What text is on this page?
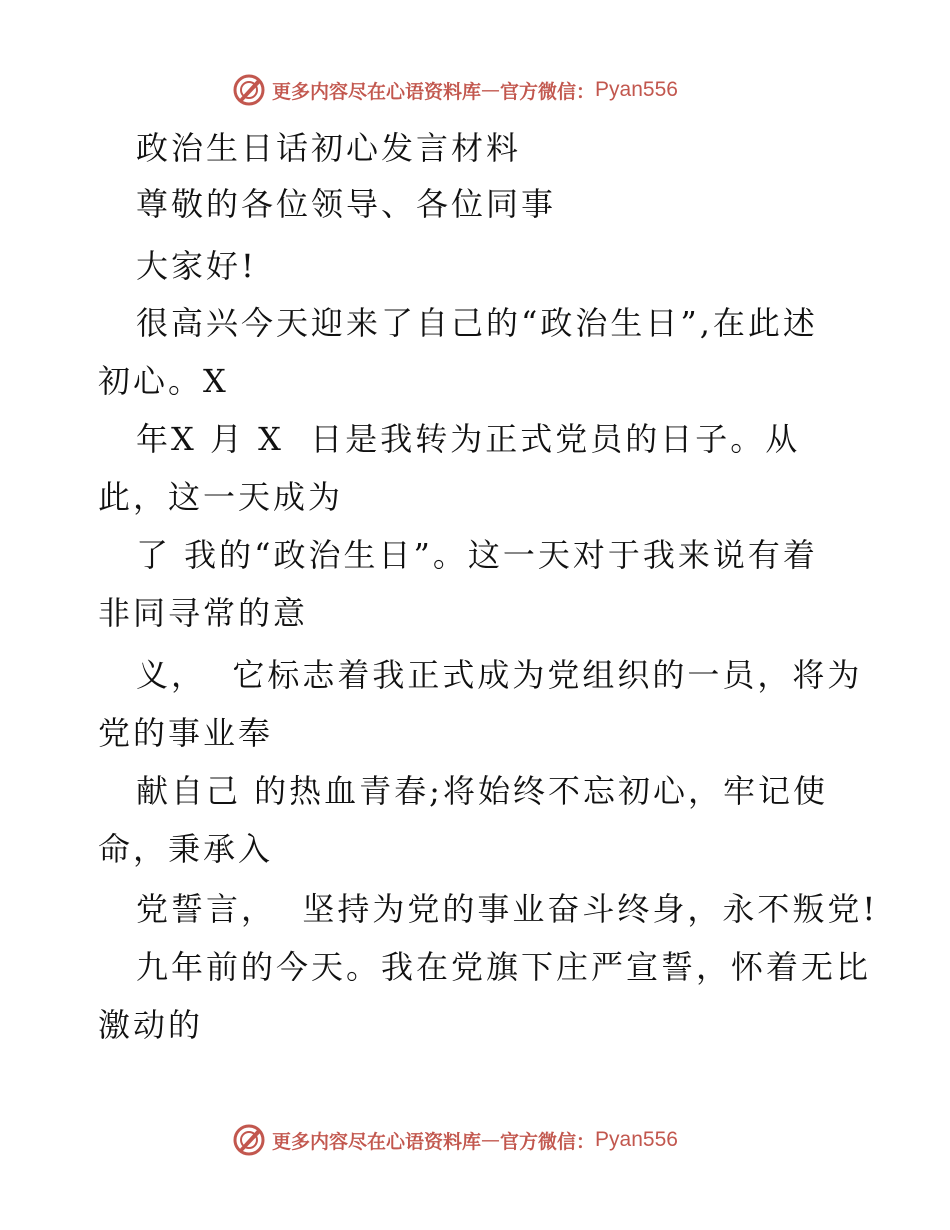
更多内容尽在心语资料库 — 官方微信： Pyan556
政治生日话初心发言材料
尊敬的各位领导、各位同事
大家好!
很高兴今天迎来了自己的“政治生日”,在此述
初心。X
年X 月 X  日是我转为正式党员的日子。从
此，这一天成为
了 我的“政治生日”。这一天对于我来说有着
非同寻常的意
义，  它标志着我正式成为党组织的一员，将为
党的事业奉
献自己 的热血青春;将始终不忘初心，牢记使
命，秉承入
党誓言，  坚持为党的事业奋斗终身，永不叛党!
九年前的今天。我在党旗下庄严宣誓，怀着无比
激动的
更多内容尽在心语资料库 — 官方微信： Pyan556
